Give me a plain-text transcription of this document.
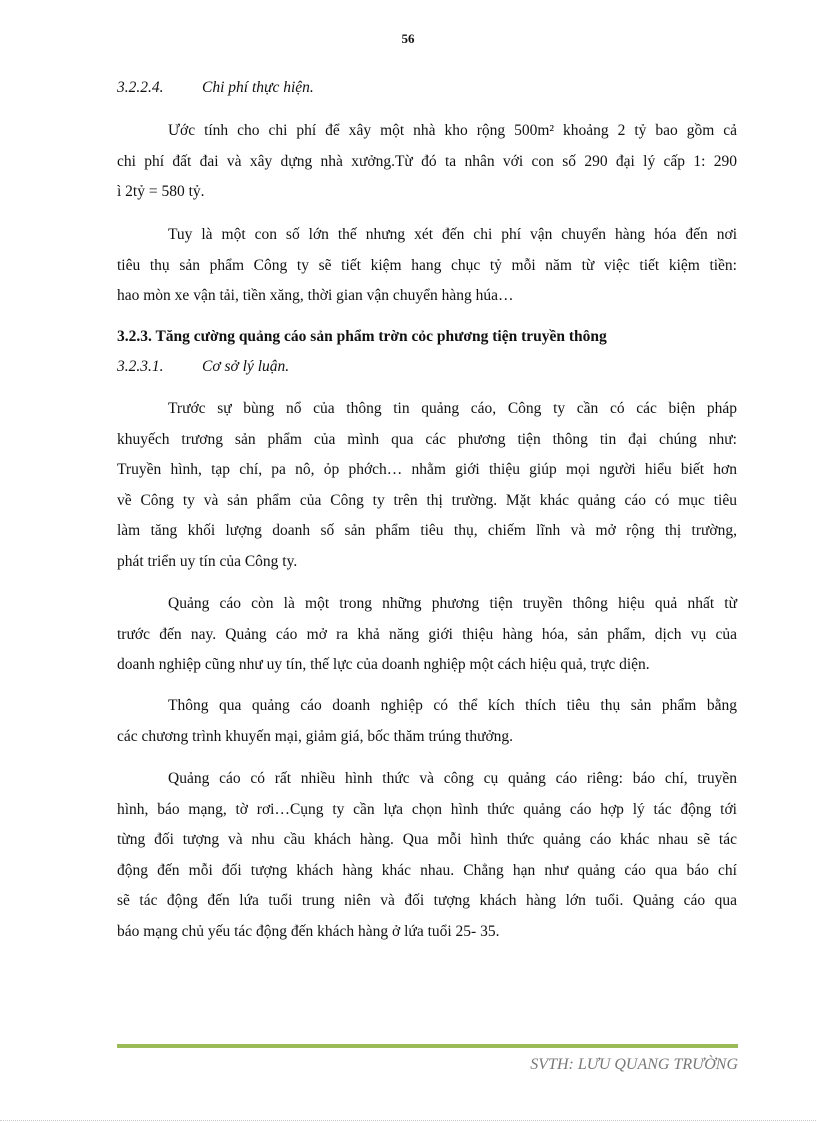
56
3.2.2.4. Chi phí thực hiện.
Ước tính cho chi phí để xây một nhà kho rộng 500m² khoảng 2 tỷ bao gồm cả
chi phí đất đai và xây dựng nhà xưởng.Từ đó ta nhân với con số 290 đại lý cấp 1: 290
ì 2tỷ = 580 tỷ.
Tuy là một con số lớn thế nhưng xét đến chi phí vận chuyển hàng hóa đến nơi
tiêu thụ sản phẩm Công ty sẽ tiết kiệm hang chục tỷ mỗi năm từ việc tiết kiệm tiền:
hao mòn xe vận tải, tiền xăng, thời gian vận chuyển hàng húa…
3.2.3. Tăng cường quảng cáo sản phẩm trờn cỏc phương tiện truyền thông
3.2.3.1. Cơ sở lý luận.
Trước sự bùng nổ của thông tin quảng cáo, Công ty cần có các biện pháp
khuyếch trương sản phẩm của mình qua các phương tiện thông tin đại chúng như:
Truyền hình, tạp chí, pa nô, ỏp phớch… nhằm giới thiệu giúp mọi người hiểu biết hơn
về Công ty và sản phẩm của Công ty trên thị trường. Mặt khác quảng cáo có mục tiêu
làm tăng khối lượng doanh số sản phẩm tiêu thụ, chiếm lĩnh và mở rộng thị trường,
phát triển uy tín của Công ty.
Quảng cáo còn là một trong những phương tiện truyền thông hiệu quả nhất từ
trước đến nay. Quảng cáo mở ra khả năng giới thiệu hàng hóa, sản phẩm, dịch vụ của
doanh nghiệp cũng như uy tín, thế lực của doanh nghiệp một cách hiệu quả, trực diện.
Thông qua quảng cáo doanh nghiệp có thể kích thích tiêu thụ sản phẩm bằng
các chương trình khuyến mại, giảm giá, bốc thăm trúng thưởng.
Quảng cáo có rất nhiều hình thức và công cụ quảng cáo riêng: báo chí, truyền
hình, báo mạng, tờ rơi…Cụng ty cần lựa chọn hình thức quảng cáo hợp lý tác động tới
từng đối tượng và nhu cầu khách hàng. Qua mỗi hình thức quảng cáo khác nhau sẽ tác
động đến mỗi đối tượng khách hàng khác nhau. Chẳng hạn như quảng cáo qua báo chí
sẽ tác động đến lứa tuổi trung niên và đối tượng khách hàng lớn tuổi. Quảng cáo qua
báo mạng chủ yếu tác động đến khách hàng ở lứa tuổi 25- 35.
SVTH: LƯU QUANG TRƯỜNG
